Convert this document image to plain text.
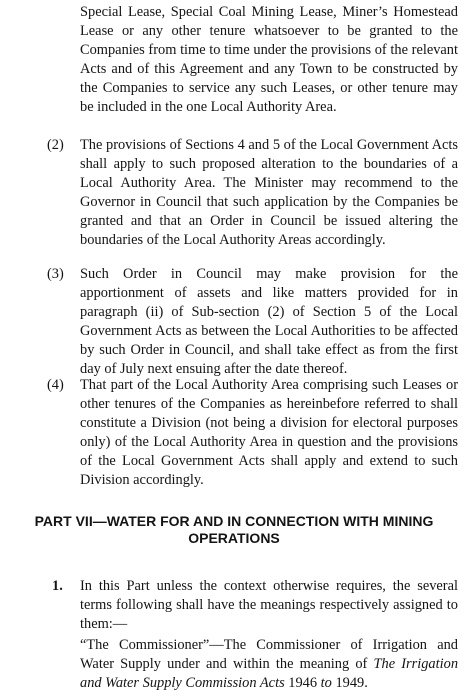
Special Lease, Special Coal Mining Lease, Miner’s Homestead Lease or any other tenure whatsoever to be granted to the Companies from time to time under the provisions of the relevant Acts and of this Agreement and any Town to be constructed by the Companies to service any such Leases, or other tenure may be included in the one Local Authority Area.
(2) The provisions of Sections 4 and 5 of the Local Government Acts shall apply to such proposed alteration to the boundaries of a Local Authority Area. The Minister may recommend to the Governor in Council that such application by the Companies be granted and that an Order in Council be issued altering the boundaries of the Local Authority Areas accordingly.
(3) Such Order in Council may make provision for the apportionment of assets and like matters provided for in paragraph (ii) of Sub-section (2) of Section 5 of the Local Government Acts as between the Local Authorities to be affected by such Order in Council, and shall take effect as from the first day of July next ensuing after the date thereof.
(4) That part of the Local Authority Area comprising such Leases or other tenures of the Companies as hereinbefore referred to shall constitute a Division (not being a division for electoral purposes only) of the Local Authority Area in question and the provisions of the Local Government Acts shall apply and extend to such Division accordingly.
PART VII—WATER FOR AND IN CONNECTION WITH MINING
OPERATIONS
1. In this Part unless the context otherwise requires, the several terms following shall have the meanings respectively assigned to them:—
“The Commissioner”—The Commissioner of Irrigation and Water Supply under and within the meaning of The Irrigation and Water Supply Commission Acts 1946 to 1949.
